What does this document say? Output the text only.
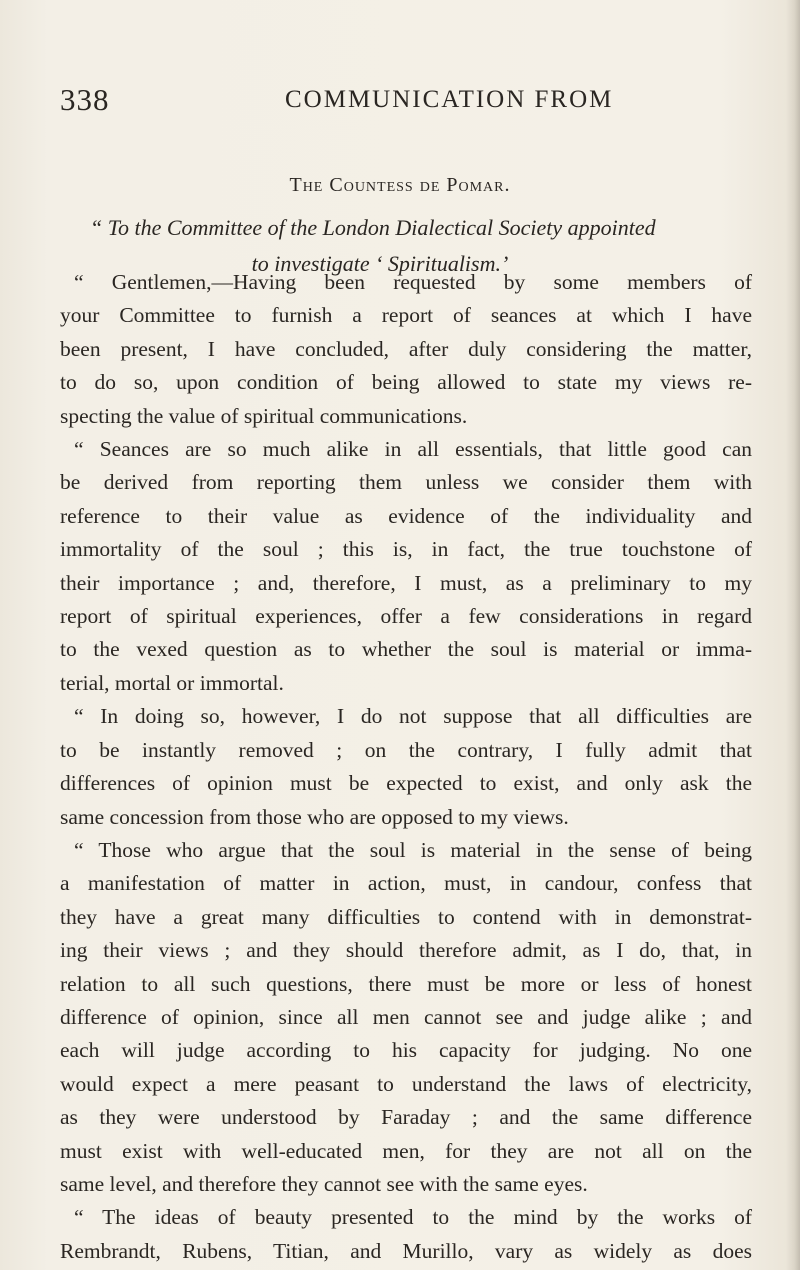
338	COMMUNICATION FROM
The Countess de Pomar.
“ To the Committee of the London Dialectical Society appointed
to investigate ‘ Spiritualism.’
“ Gentlemen,—Having been requested by some members of
your Committee to furnish a report of seances at which I have
been present, I have concluded, after duly considering the matter,
to do so, upon condition of being allowed to state my views re-
specting the value of spiritual communications.
“ Seances are so much alike in all essentials, that little good can
be derived from reporting them unless we consider them with
reference to their value as evidence of the individuality and
immortality of the soul ; this is, in fact, the true touchstone of
their importance ; and, therefore, I must, as a preliminary to my
report of spiritual experiences, offer a few considerations in regard
to the vexed question as to whether the soul is material or imma-
terial, mortal or immortal.
“ In doing so, however, I do not suppose that all difficulties are
to be instantly removed ; on the contrary, I fully admit that
differences of opinion must be expected to exist, and only ask the
same concession from those who are opposed to my views.
“ Those who argue that the soul is material in the sense of being
a manifestation of matter in action, must, in candour, confess that
they have a great many difficulties to contend with in demonstrat-
ing their views ; and they should therefore admit, as I do, that, in
relation to all such questions, there must be more or less of honest
difference of opinion, since all men cannot see and judge alike ; and
each will judge according to his capacity for judging. No one
would expect a mere peasant to understand the laws of electricity,
as they were understood by Faraday ; and the same difference
must exist with well-educated men, for they are not all on the
same level, and therefore they cannot see with the same eyes.
“ The ideas of beauty presented to the mind by the works of
Rembrandt, Rubens, Titian, and Murillo, vary as widely as does
